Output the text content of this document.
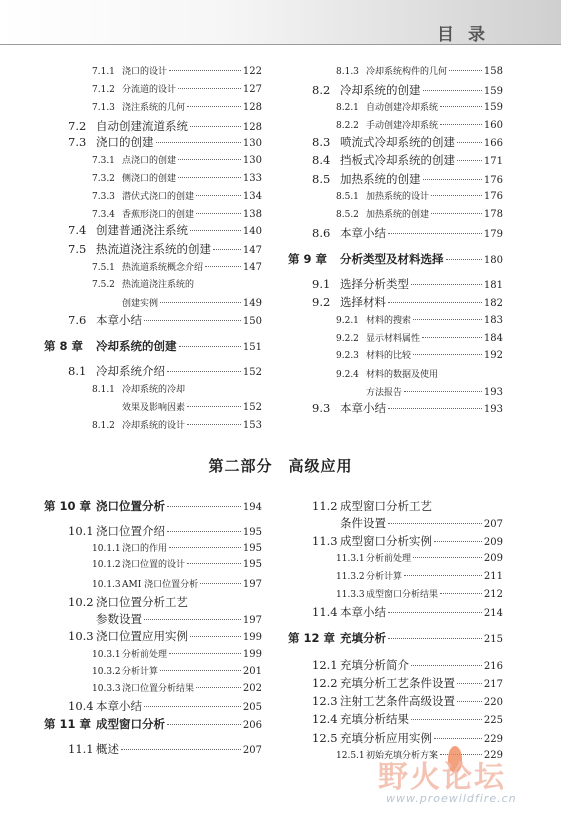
目录
7.1.1 浇口的设计	122
7.1.2 分流道的设计	127
7.1.3 浇注系统的几何	128
7.2 自动创建流道系统	128
7.3 浇口的创建	130
7.3.1 点浇口的创建	130
7.3.2 侧浇口的创建	133
7.3.3 潜伏式浇口的创建	134
7.3.4 香蕉形浇口的创建	138
7.4 创建普通浇注系统	140
7.5 热流道浇注系统的创建	147
7.5.1 热流道系统概念介绍	147
7.5.2 热流道浇注系统的
创建实例	149
7.6 本章小结	150
第 8 章	冷却系统的创建	151
8.1 冷却系统介绍	152
8.1.1 冷却系统的冷却
效果及影响因素	152
8.1.2 冷却系统的设计	153
8.1.3 冷却系统构件的几何	158
8.2 冷却系统的创建	159
8.2.1 自动创建冷却系统	159
8.2.2 手动创建冷却系统	160
8.3 喷流式冷却系统的创建	166
8.4 挡板式冷却系统的创建	171
8.5 加热系统的创建	176
8.5.1 加热系统的设计	176
8.5.2 加热系统的创建	178
8.6 本章小结	179
第 9 章	分析类型及材料选择	180
9.1 选择分析类型	181
9.2 选择材料	182
9.2.1 材料的搜索	183
9.2.2 显示材料属性	184
9.2.3 材料的比较	192
9.2.4 材料的数据及使用
方法报告	193
9.3 本章小结	193
第二部分　高级应用
第 10 章 浇口位置分析	194
10.1 浇口位置介绍	195
10.1.1 浇口的作用	195
10.1.2 浇口位置的设计	195
10.1.3 AMI 浇口位置分析	197
10.2 浇口位置分析工艺
参数设置	197
10.3 浇口位置应用实例	199
10.3.1 分析前处理	199
10.3.2 分析计算	201
10.3.3 浇口位置分析结果	202
10.4 本章小结	205
第 11 章 成型窗口分析	206
11.1 概述	207
11.2 成型窗口分析工艺
条件设置	207
11.3 成型窗口分析实例	209
11.3.1 分析前处理	209
11.3.2 分析计算	211
11.3.3 成型窗口分析结果	212
11.4 本章小结	214
第 12 章 充填分析	215
12.1 充填分析简介	216
12.2 充填分析工艺条件设置	217
12.3 注射工艺条件高级设置	220
12.4 充填分析结果	225
12.5 充填分析应用实例	229
12.5.1 初始充填分析方案	229
野火论坛
www.proewildfire.cn
